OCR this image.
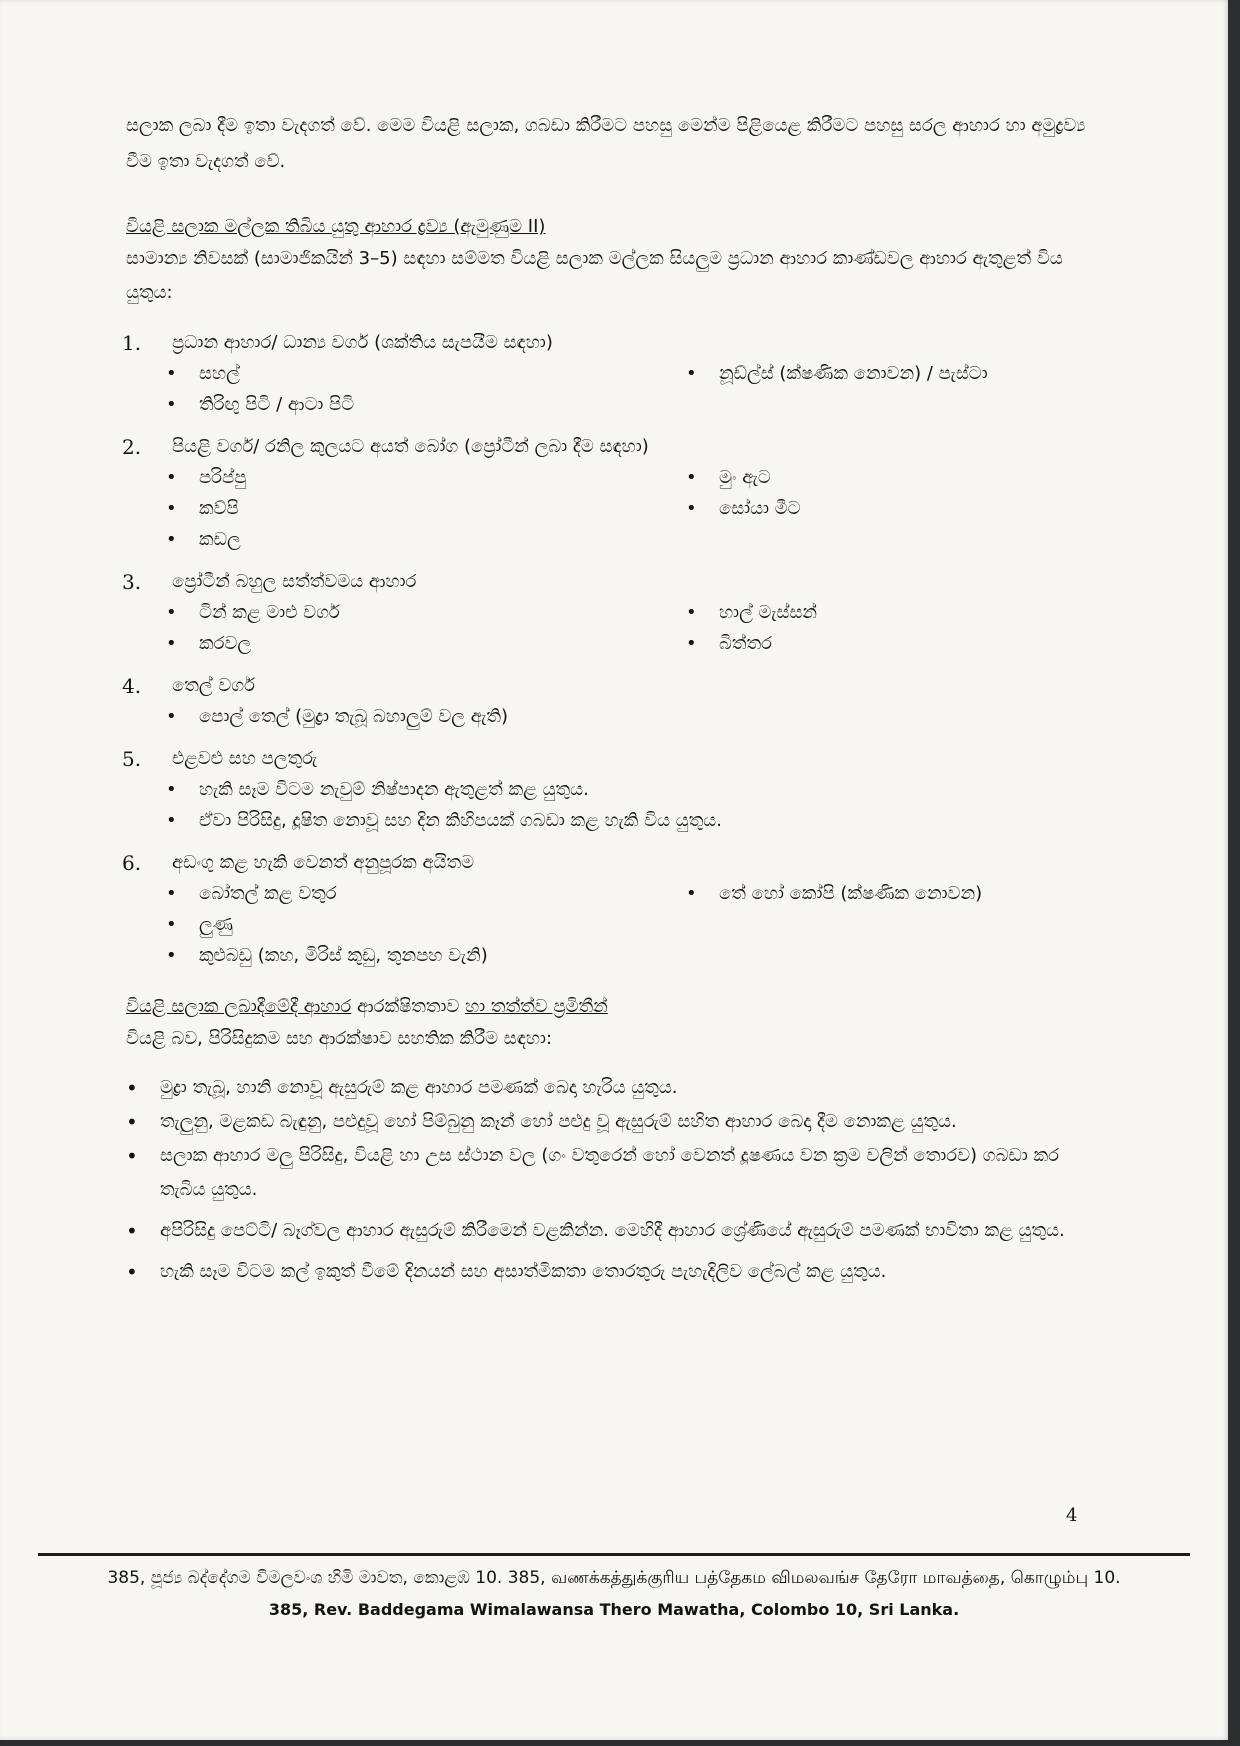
සලාක ලබා දීම ඉතා වැදගත් වේ. මෙම වියළි සලාක, ගබඩා කිරීමට පහසු මෙන්ම පිළියෙළ කිරීමට පහසු සරල ආහාර හා අමුද්‍රව්‍ය වීම ඉතා වැදගත් වේ.

වියළි සලාක මල්ලක තිබිය යුතු ආහාර ද්‍රව්‍ය (ඇමුණුම II)

සාමාන්‍ය නිවසක් (සාමාජිකයින් 3–5) සඳහා සම්මත වියළි සලාක මල්ලක සියලුම ප්‍රධාන ආහාර කාණ්ඩවල ආහාර ඇතුළත් විය යුතුය:

1.	ප්‍රධාන ආහාර/ ධාන්‍ය වර්ග (ශක්තිය සැපයීම සඳහා)
• සහල්
• තිරිඟු පිටි / ආටා පිටි
• නූඩ්ල්ස් (ක්ෂණික නොවන) / පැස්ටා
2.	පියළි වර්ග/ රනිල කුලයට අයත් බෝග (ප්‍රෝටීන් ලබා දීම සඳහා)
• පරිප්පු
• කව්පි
• කඩල
• මුං ඇට
• සෝයා මීට
3.	ප්‍රෝටීන් බහුල සත්ත්වමය ආහාර
• ටින් කළ මාළු වර්ග
• කරවල
• හාල් මැස්සන්
• බිත්තර
4.	තෙල් වර්ග
• පොල් තෙල් (මුද්‍රා තැබූ බහාලුම් වල ඇති)
5.	එළවළු සහ පලතුරු
• හැකි සෑම විටම නැවුම් නිෂ්පාදන ඇතුළත් කළ යුතුය.
• ඒවා පිරිසිදු, දූෂිත නොවූ සහ දින කිහිපයක් ගබඩා කළ හැකි විය යුතුය.
6.	අඩංගු කළ හැකි වෙනත් අනුපූරක අයිතම
• බෝතල් කළ වතුර
• ලුණු
• කුළුබඩු (කහ, මිරිස් කුඩු, තුනපහ වැනි)
• තේ හෝ කෝපි (ක්ෂණික නොවන)
වියළි සලාක ලබාදීමේදී ආහාර ආරක්ෂිතතාව හා තත්ත්ව ප්‍රමිතීන්

වියළි බව, පිරිසිදුකම සහ ආරක්ෂාව සහතික කිරීම සඳහා:

• මුද්‍රා තැබූ, හානි නොවූ ඇසුරුම් කළ ආහාර පමණක් බෙදා හැරිය යුතුය.
• තැලුනු, මළකඩ බැඳුනු, පළුදුවූ හෝ පිම්බුනු කෑන් හෝ පළුදු වූ ඇසුරුම් සහිත ආහාර බෙදා දීම නොකළ යුතුය.
• සලාක ආහාර මලු පිරිසිදු, වියළි හා උස ස්ථාන වල (ගං වතුරෙන් හෝ වෙනත් දූෂණය වන ක්‍රම වලින් තොරව) ගබඩා කර තැබිය යුතුය.
• අපිරිසිදු පෙට්ටි/ බෑග්වල ආහාර ඇසුරුම් කිරීමෙන් වළකින්න. මෙහිදී ආහාර ශ්‍රේණියේ ඇසුරුම් පමණක් භාවිතා කළ යුතුය.
• හැකි සෑම විටම කල් ඉකුත් වීමේ දිනයන් සහ අසාත්මිකතා තොරතුරු පැහැදිලිව ලේබල් කළ යුතුය.
4
385, පූජ්‍ය බද්දේගම විමලවංශ හිමි මාවත, කොළඹ 10. 385, வணக்கத்துக்குரிய பத்தேகம விமலவங்ச தேரோ மாவத்தை, கொழும்பு 10.
385, Rev. Baddegama Wimalawansa Thero Mawatha, Colombo 10, Sri Lanka.
